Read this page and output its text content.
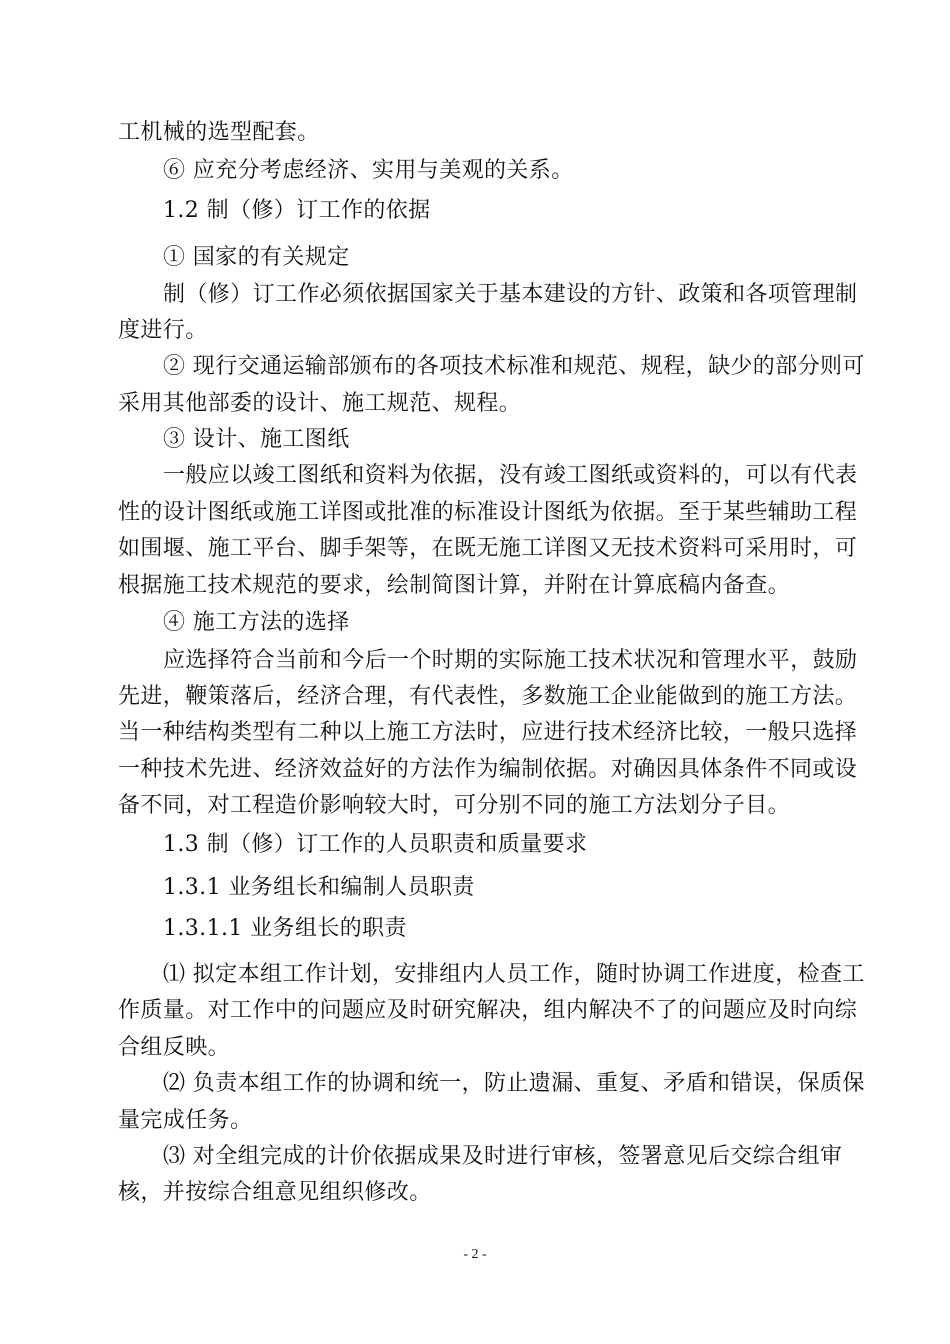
工机械的选型配套。
⑥ 应充分考虑经济、实用与美观的关系。
1.2 制（修）订工作的依据
① 国家的有关规定
制（修）订工作必须依据国家关于基本建设的方针、政策和各项管理制
度进行。
② 现行交通运输部颁布的各项技术标准和规范、规程，缺少的部分则可
采用其他部委的设计、施工规范、规程。
③ 设计、施工图纸
一般应以竣工图纸和资料为依据，没有竣工图纸或资料的，可以有代表
性的设计图纸或施工详图或批准的标准设计图纸为依据。至于某些辅助工程
如围堰、施工平台、脚手架等，在既无施工详图又无技术资料可采用时，可
根据施工技术规范的要求，绘制简图计算，并附在计算底稿内备查。
④ 施工方法的选择
应选择符合当前和今后一个时期的实际施工技术状况和管理水平，鼓励
先进，鞭策落后，经济合理，有代表性，多数施工企业能做到的施工方法。
当一种结构类型有二种以上施工方法时，应进行技术经济比较，一般只选择
一种技术先进、经济效益好的方法作为编制依据。对确因具体条件不同或设
备不同，对工程造价影响较大时，可分别不同的施工方法划分子目。
1.3 制（修）订工作的人员职责和质量要求
1.3.1 业务组长和编制人员职责
1.3.1.1 业务组长的职责
⑴ 拟定本组工作计划，安排组内人员工作，随时协调工作进度，检查工
作质量。对工作中的问题应及时研究解决，组内解决不了的问题应及时向综
合组反映。
⑵ 负责本组工作的协调和统一，防止遗漏、重复、矛盾和错误，保质保
量完成任务。
⑶ 对全组完成的计价依据成果及时进行审核，签署意见后交综合组审
核，并按综合组意见组织修改。
- 2 -
